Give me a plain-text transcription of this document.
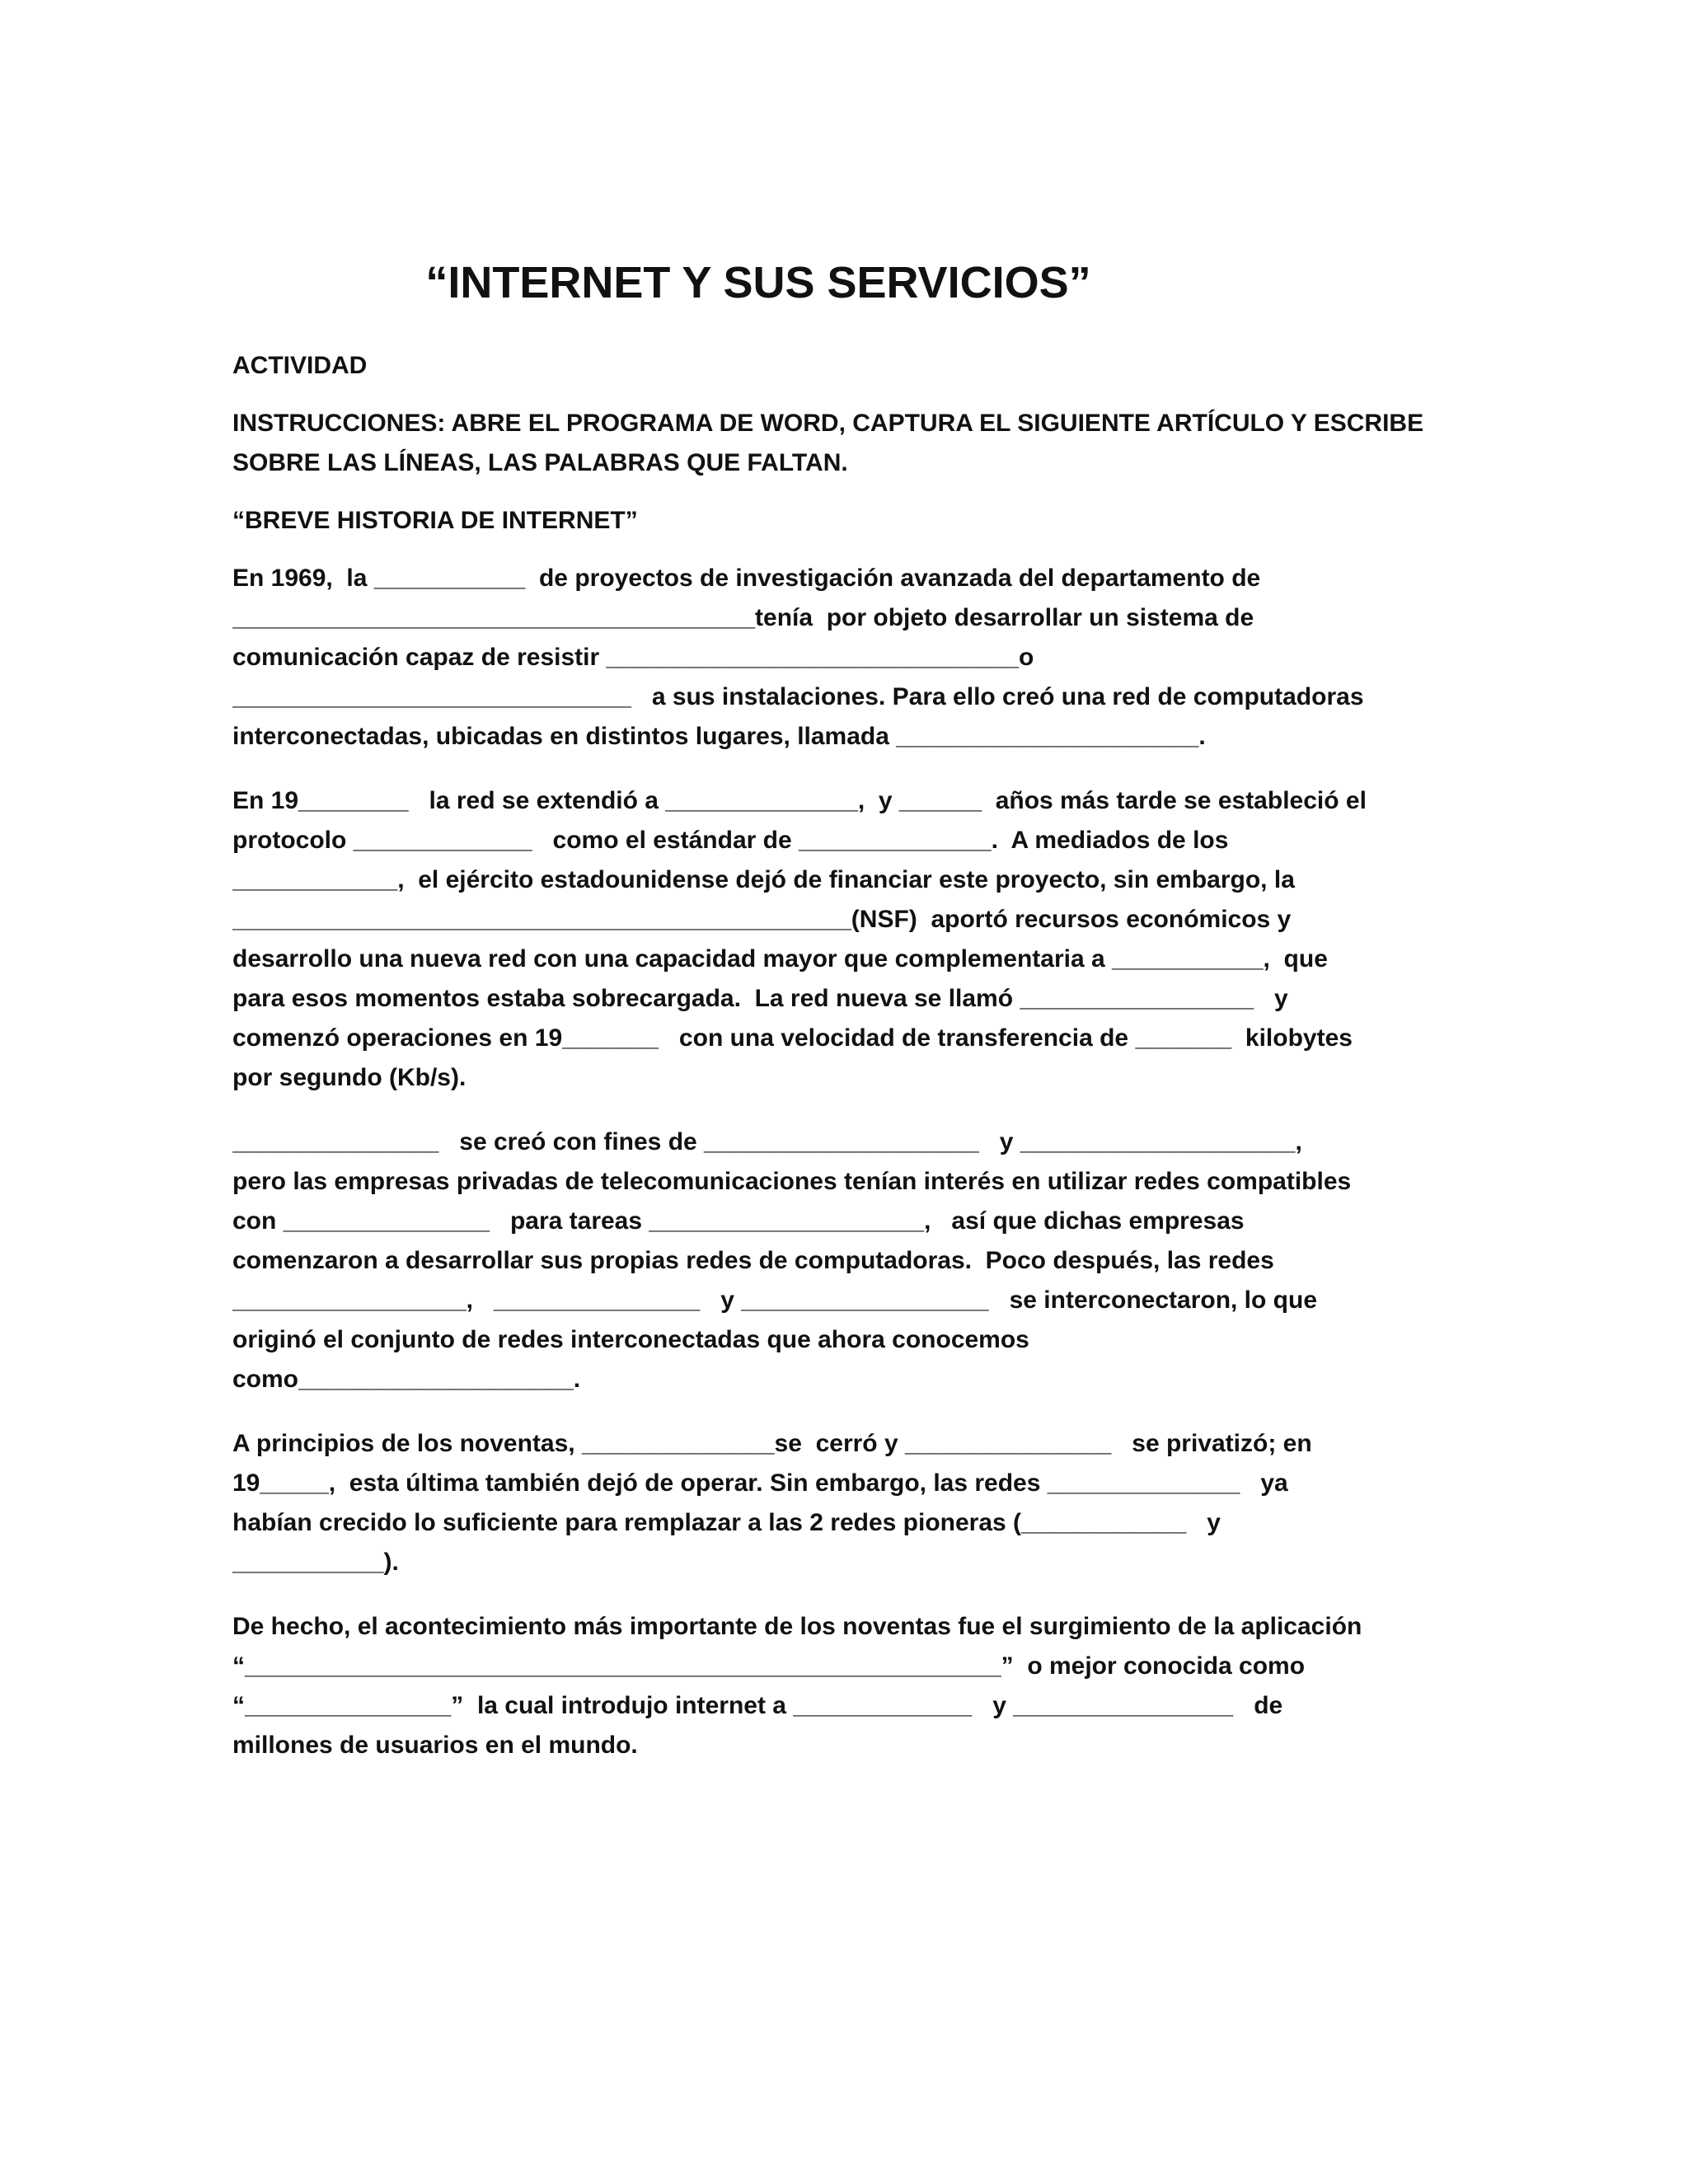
“INTERNET Y SUS SERVICIOS”
ACTIVIDAD
INSTRUCCIONES: ABRE EL PROGRAMA DE WORD, CAPTURA EL SIGUIENTE ARTÍCULO Y ESCRIBE
SOBRE LAS LÍNEAS, LAS PALABRAS QUE FALTAN.
“BREVE HISTORIA DE INTERNET”
En 1969,  la ___________  de proyectos de investigación avanzada del departamento de
______________________________________tenía  por objeto desarrollar un sistema de
comunicación capaz de resistir ______________________________o
_____________________________   a sus instalaciones. Para ello creó una red de computadoras
interconectadas, ubicadas en distintos lugares, llamada ______________________.
En 19________   la red se extendió a ______________,  y ______  años más tarde se estableció el
protocolo _____________   como el estándar de ______________.  A mediados de los
____________,  el ejército estadounidense dejó de financiar este proyecto, sin embargo, la
_____________________________________________(NSF)  aportó recursos económicos y
desarrollo una nueva red con una capacidad mayor que complementaria a ___________,  que
para esos momentos estaba sobrecargada.  La red nueva se llamó _________________   y
comenzó operaciones en 19_______   con una velocidad de transferencia de _______  kilobytes
por segundo (Kb/s).
_______________   se creó con fines de ____________________   y ____________________,
pero las empresas privadas de telecomunicaciones tenían interés en utilizar redes compatibles
con _______________   para tareas ____________________,   así que dichas empresas
comenzaron a desarrollar sus propias redes de computadoras.  Poco después, las redes
_________________,   _______________   y __________________   se interconectaron, lo que
originó el conjunto de redes interconectadas que ahora conocemos
como____________________.
A principios de los noventas, ______________se  cerró y _______________   se privatizó; en
19_____,  esta última también dejó de operar. Sin embargo, las redes ______________   ya
habían crecido lo suficiente para remplazar a las 2 redes pioneras (____________   y
___________).
De hecho, el acontecimiento más importante de los noventas fue el surgimiento de la aplicación
“_______________________________________________________”  o mejor conocida como
“_______________”  la cual introdujo internet a _____________   y ________________   de
millones de usuarios en el mundo.
